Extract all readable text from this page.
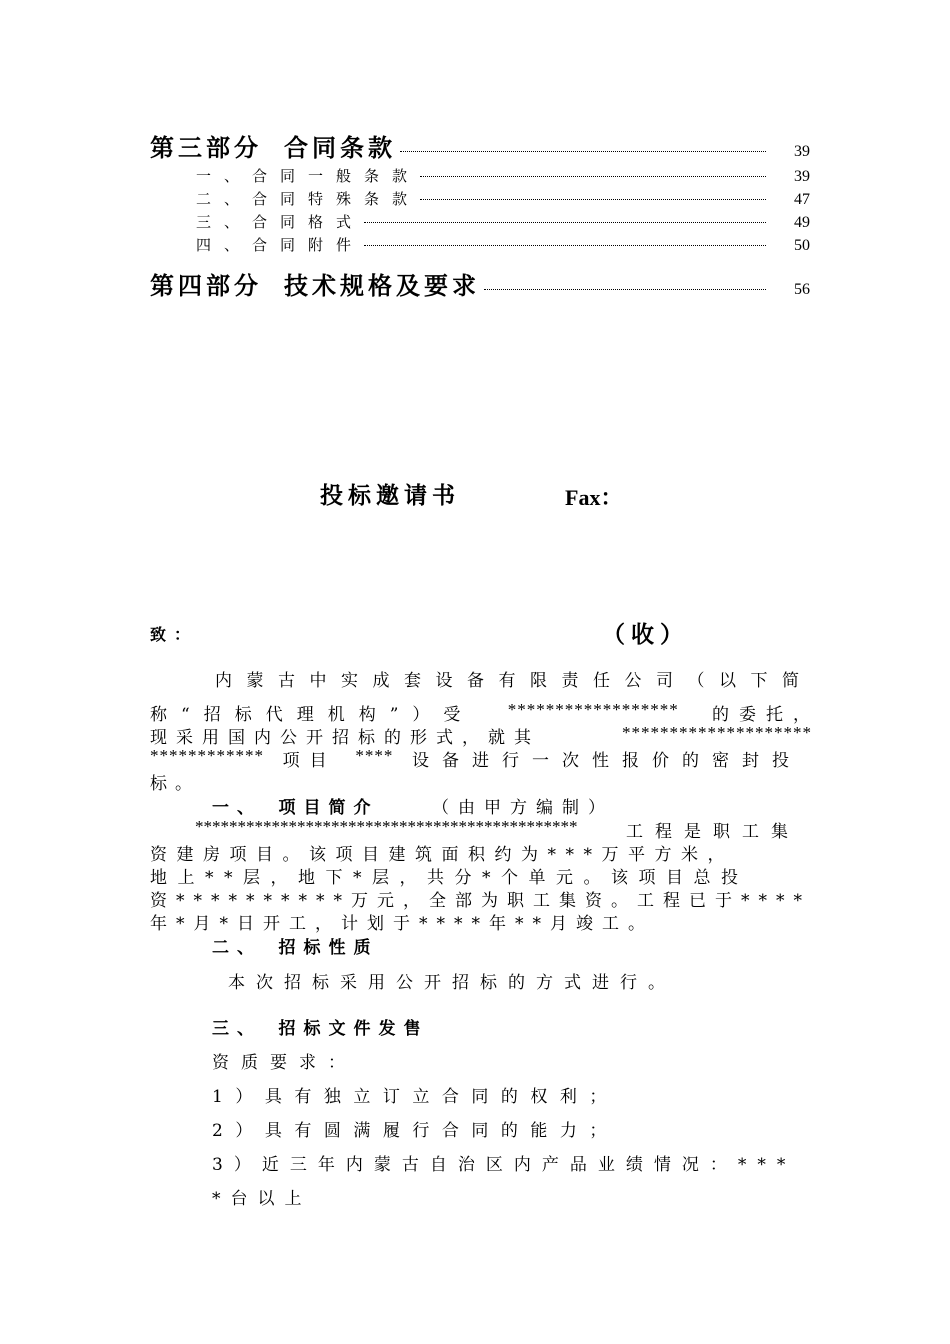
第三部分 合同条款	39
一、合同一般条款	39
二、合同特殊条款	47
三、合同格式	49
四、合同附件	50
第四部分 技术规格及要求	56
投标邀请书	Fax：
致：	（收）
内蒙古中实成套设备有限责任公司（以下简
称“招标代理机构”）受 ****************** 的委托，
现采用国内公开招标的形式，就其	********************
************ 项目 **** 设备进行一次性报价的密封投
标。
一、　项目简介	（由甲方编制）
*********************************************	工程是职工集
资建房项目。该项目建筑面积约为***万平方米，
地上**层，地下*层，共分*个单元。该项目总投
资**********万元，全部为职工集资。工程已于****
年*月*日开工，计划于****年**月竣工。
二、　招标性质
本次招标采用公开招标的方式进行。
三、　招标文件发售
资质要求：
1）具有独立订立合同的权利；
2）具有圆满履行合同的能力；
3）近三年内蒙古自治区内产品业绩情况：***
*台以上
